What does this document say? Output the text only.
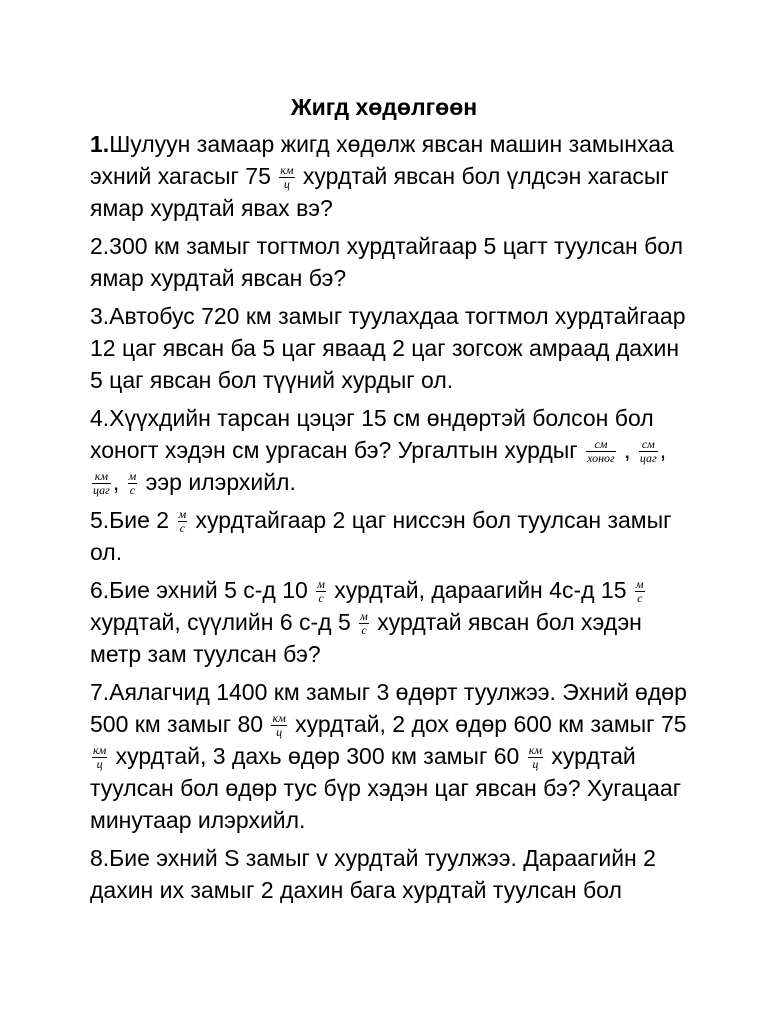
Жигд хөдөлгөөн

1.Шулуун замаар жигд хөдөлж явсан машин замынхаа эхний хагасыг $75 \frac{км}{ц}$ хурдтай явсан бол үлдсэн хагасыг ямар хурдтай явах вэ?

2.300 км замыг тогтмол хурдтайгаар 5 цагт туулсан бол ямар хурдтай явсан бэ?

3.Автобус 720 км замыг туулахдаа тогтмол хурдтайгаар 12 цаг явсан ба 5 цаг яваад 2 цаг зогсож амраад дахин 5 цаг явсан бол түүний хурдыг ол.

4.Хүүхдийн тарсан цэцэг 15 см өндөртэй болсон бол хоногт хэдэн см ургасан бэ? Ургалтын хурдыг $\frac{см}{\text{хоног}}$ , $\frac{см}{\text{цаг}}$ ,
$\frac{км}{\text{цаг}}$ , $\frac{м}{с}$ ээр илэрхийл.

5.Бие $2 \frac{м}{с}$ хурдтайгаар 2 цаг ниссэн бол туулсан замыг ол.

6.Бие эхний 5 с-д $10 \frac{м}{с}$ хурдтай, дараагийн 4с-д $15 \frac{м}{с}$
хурдтай, сүүлийн 6 с-д $5 \frac{м}{с}$ хурдтай явсан бол хэдэн метр зам туулсан бэ?

7.Аялагчид 1400 км замыг 3 өдөрт туулжээ. Эхний өдөр 500 км замыг $80 \frac{км}{ц}$ хурдтай, 2 дох өдөр 600 км замыг 75
$\frac{км}{ц}$ хурдтай, 3 дахь өдөр 300 км замыг $60 \frac{км}{ц}$ хурдтай туулсан бол өдөр тус бүр хэдэн цаг явсан бэ? Хугацааг минутаар илэрхийл.

8.Бие эхний S замыг v хурдтай туулжээ. Дараагийн 2 дахин их замыг 2 дахин бага хурдтай туулсан бол
